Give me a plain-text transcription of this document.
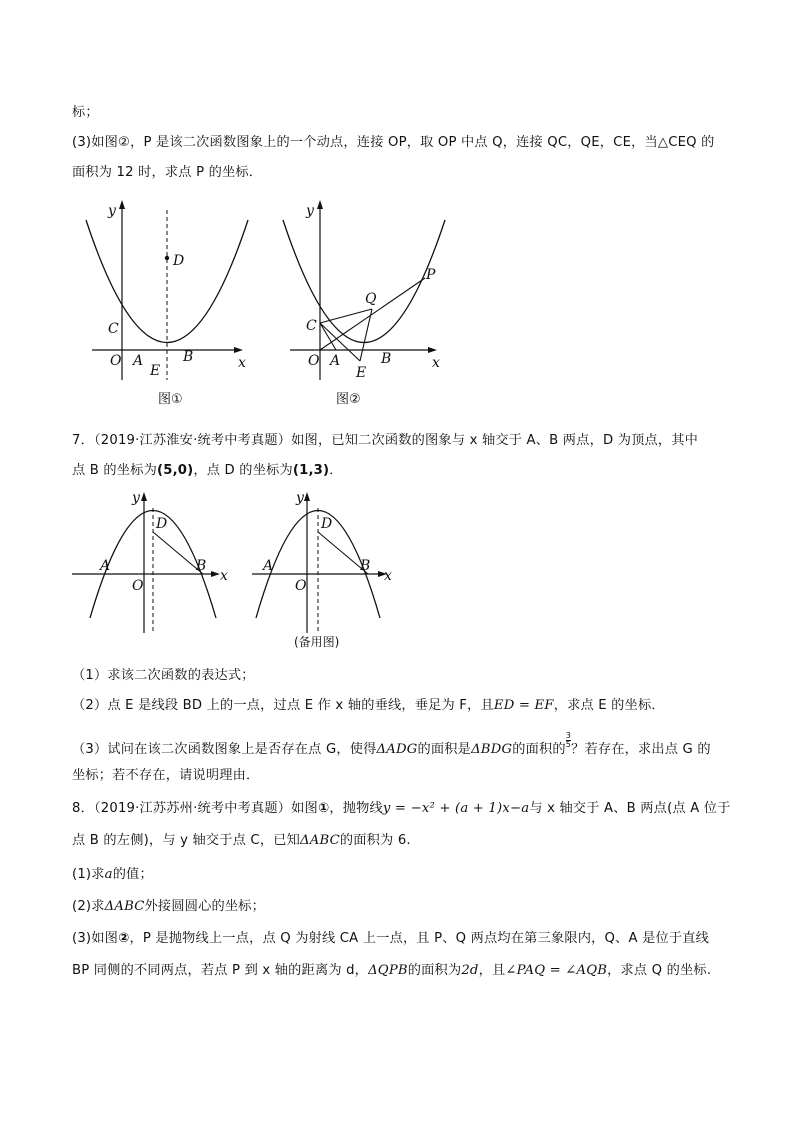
标；
(3)如图②，P 是该二次函数图象上的一个动点，连接 OP，取 OP 中点 Q，连接 QC，QE，CE，当△CEQ 的
面积为 12 时，求点 P 的坐标．
y
x
O A	B
C
D
E
图①
y
x
O A	B
C
E
Q
P
图②
7．（2019·江苏淮安·统考中考真题）如图，已知二次函数的图象与 x 轴交于 A、B 两点，D 为顶点，其中
点 B 的坐标为(5,0)，点 D 的坐标为(1,3)．
y
x
O
A	B
D
y
x
O
A	B
D
(备用图)
（1）求该二次函数的表达式；
（2）点 E 是线段 BD 上的一点，过点 E 作 x 轴的垂线，垂足为 F，且ED = EF，求点 E 的坐标．
（3）试问在该二次函数图象上是否存在点 G，使得ΔADG的面积是ΔBDG的面积的
$^{\frac{3}{5}}$
？若存在，求出点 G 的
坐标；若不存在，请说明理由．
8．（2019·江苏苏州·统考中考真题）如图①，抛物线y = −x² + (a + 1)x−a与 x 轴交于 A、B 两点(点 A 位于
点 B 的左侧)，与 y 轴交于点 C，已知ΔABC的面积为 6.
(1)求a的值；
(2)求ΔABC外接圆圆心的坐标；
(3)如图②，P 是抛物线上一点，点 Q 为射线 CA 上一点，且 P、Q 两点均在第三象限内，Q、A 是位于直线
BP 同侧的不同两点，若点 P 到 x 轴的距离为 d，ΔQPB的面积为2d，且∠PAQ = ∠AQB，求点 Q 的坐标.
